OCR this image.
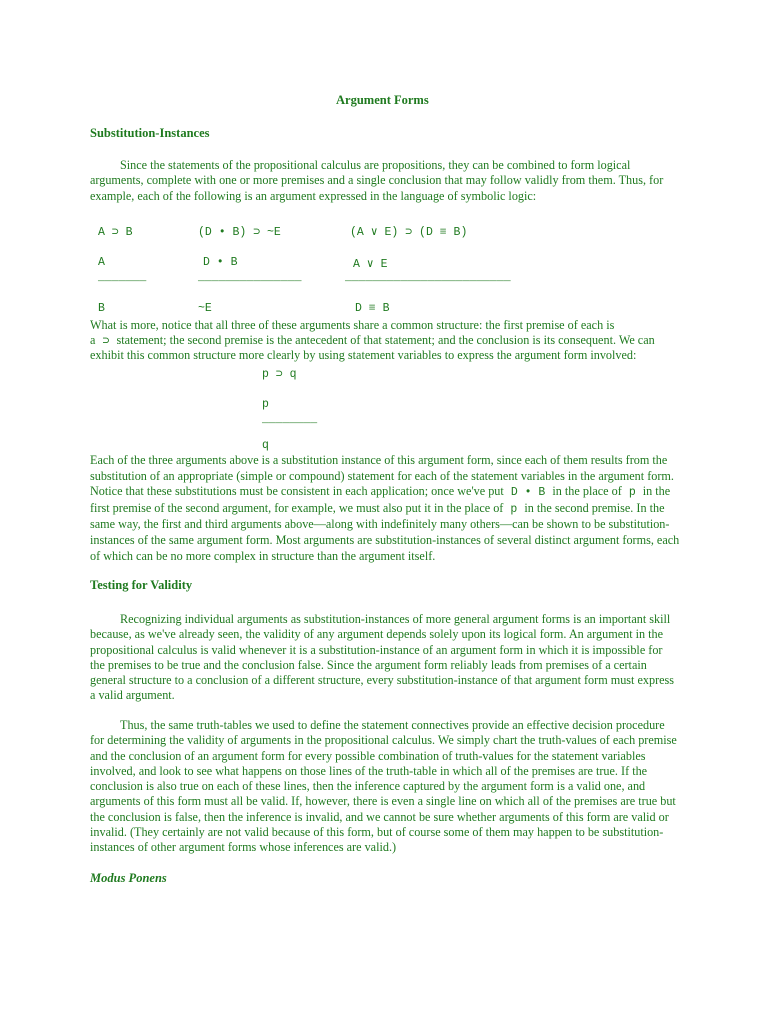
Argument Forms
Substitution-Instances
Since the statements of the propositional calculus are propositions, they can be combined to form logical arguments, complete with one or more premises and a single conclusion that may follow validly from them. Thus, for example, each of the following is an argument expressed in the language of symbolic logic:
A ⊃ B
A
_______
B
(D • B) ⊃ ~E
D • B
_______________
~E
(A ∨ E) ⊃ (D ≡ B)
A ∨ E
________________________
D ≡ B
What is more, notice that all three of these arguments share a common structure: the first premise of each is
a ⊃ statement; the second premise is the antecedent of that statement; and the conclusion is its consequent. We can
exhibit this common structure more clearly by using statement variables to express the argument form involved:
p ⊃ q
p
________
q
Each of the three arguments above is a substitution instance of this argument form, since each of them results from the substitution of an appropriate (simple or compound) statement for each of the statement variables in the argument form. Notice that these substitutions must be consistent in each application; once we've put D • B in the place of p in the first premise of the second argument, for example, we must also put it in the place of p in the second premise. In the same way, the first and third arguments above—along with indefinitely many others—can be shown to be substitution-instances of the same argument form. Most arguments are substitution-instances of several distinct argument forms, each of which can be no more complex in structure than the argument itself.
Testing for Validity
Recognizing individual arguments as substitution-instances of more general argument forms is an important skill because, as we've already seen, the validity of any argument depends solely upon its logical form. An argument in the propositional calculus is valid whenever it is a substitution-instance of an argument form in which it is impossible for the premises to be true and the conclusion false. Since the argument form reliably leads from premises of a certain general structure to a conclusion of a different structure, every substitution-instance of that argument form must express a valid argument.
Thus, the same truth-tables we used to define the statement connectives provide an effective decision procedure for determining the validity of arguments in the propositional calculus. We simply chart the truth-values of each premise and the conclusion of an argument form for every possible combination of truth-values for the statement variables involved, and look to see what happens on those lines of the truth-table in which all of the premises are true. If the conclusion is also true on each of these lines, then the inference captured by the argument form is a valid one, and arguments of this form must all be valid. If, however, there is even a single line on which all of the premises are true but the conclusion is false, then the inference is invalid, and we cannot be sure whether arguments of this form are valid or invalid. (They certainly are not valid because of this form, but of course some of them may happen to be substitution-instances of other argument forms whose inferences are valid.)
Modus Ponens
